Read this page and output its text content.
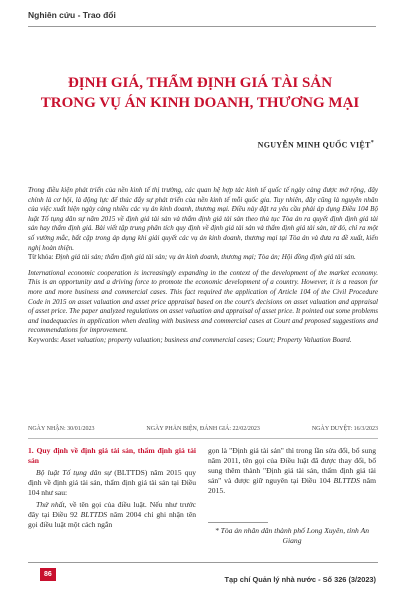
Nghiên cứu - Trao đổi
ĐỊNH GIÁ, THẨM ĐỊNH GIÁ TÀI SẢN
TRONG VỤ ÁN KINH DOANH, THƯƠNG MẠI
NGUYỄN MINH QUỐC VIỆT*

Trong điều kiện phát triển của nền kinh tế thị trường, các quan hệ hợp tác kinh tế quốc tế ngày càng được mở rộng, đây chính là cơ hội, là động lực để thúc đẩy sự phát triển của nền kinh tế mỗi quốc gia. Tuy nhiên, đây cũng là nguyên nhân của việc xuất hiện ngày càng nhiều các vụ án kinh doanh, thương mại. Điều này đặt ra yêu cầu phải áp dụng Điều 104 Bộ luật Tố tụng dân sự năm 2015 về định giá tài sản và thẩm định giá tài sản theo thủ tục Tòa án ra quyết định định giá tài sản hay thẩm định giá. Bài viết tập trung phân tích quy định về định giá tài sản và thẩm định giá tài sản, từ đó, chỉ ra một số vướng mắc, bất cập trong áp dụng khi giải quyết các vụ án kinh doanh, thương mại tại Tòa án và đưa ra đề xuất, kiến nghị hoàn thiện.

Từ khóa: Định giá tài sản; thẩm định giá tài sản; vụ án kinh doanh, thương mại; Tòa án; Hội đồng định giá tài sản.

International economic cooperation is increasingly expanding in the context of the development of the market economy. This is an opportunity and a driving force to promote the economic development of a country. However, it is a reason for more and more business and commercial cases. This fact required the application of Article 104 of the Civil Procedure Code in 2015 on asset valuation and asset price appraisal based on the court's decisions on asset valuation and appraisal of asset price. The paper analyzed regulations on asset valuation and appraisal of asset price. It pointed out some problems and inadequacies in application when dealing with business and commercial cases at Court and proposed suggestions and recommendations for improvement.

Keywords: Asset valuation; property valuation; business and commercial cases; Court; Property Valuation Board.

NGÀY NHẬN: 30/01/2023	NGÀY PHẢN BIỆN, ĐÁNH GIÁ: 22/02/2023	NGÀY DUYỆT: 16/3/2023

1. Quy định về định giá tài sản, thẩm định giá tài sản

Bộ luật Tố tụng dân sự (BLTTDS) năm 2015 quy định về định giá tài sản, thẩm định giá tài sản tại Điều 104 như sau:

Thứ nhất, về tên gọi của điều luật. Nếu như trước đây tại Điều 92 BLTTDS năm 2004 chỉ ghi nhận tên gọi điều luật một cách ngắn

gọn là "Định giá tài sản" thì trong lần sửa đổi, bổ sung năm 2011, tên gọi của Điều luật đã được thay đổi, bổ sung thêm thành "Định giá tài sản, thẩm định giá tài sản" và được giữ nguyên tại Điều 104 BLTTDS năm 2015.

* Tòa án nhân dân thành phố Long Xuyên, tỉnh An Giang
86
Tạp chí Quản lý nhà nước - Số 326 (3/2023)
